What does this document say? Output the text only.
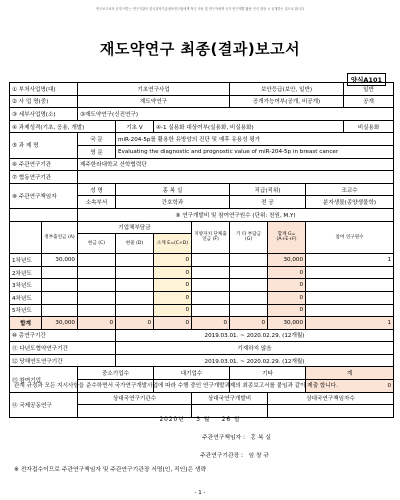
연구보고서의 공개 여부는 연구기관이 한국과학기술정보연구원에게 적극 이용 및 연구자에게 국가 연구개발 활용 인식 대상 시 공개하는 것으로 합니다
재도약연구 최종(결과)보고서
양식A101
① 부처사업명(대)		기초연구사업				보안등급(보안, 일반)			일반
② 사 업 명(중)		재도약연구				공개가능여부(공개, 비공개)			공개
③ 세부사업명(소)		③재도약연구(신진연구)							
④ 과제성격(기초, 응용, 개발)			기초 V	④-1 실용화 대상여부(실용화, 비실용화)					비실용화
⑤ 과 제 명		국 문	miR-204-5p를 활용한 유방암의 진단 및 예후 유용성 평가						
		영 문	Evaluating the diagnostic and prognostic value of miR-204-5p in breast cancer						
⑥ 주관연구기관		제주한라대학교 산학협력단							
⑦ 협동연구기관									
⑧ 주관연구책임자		성 명	홍 복 실			직급(직위)		조교수	
		소속부서	간호학과			전 공		분자생물(종양생물학)	
		⑨ 연구개발비 및 참여연구원수 (단위: 천원, M.Y)							
	정부출연금 (A)	기업체부담금			지방자치 단체출연금 (F)	기 타 부담금 (G)	합계 G=(A+E+F)	참여 연구원수	
		현금 (C)	현물 (D)	소계 E=(C+D)					
1차년도	30,000			0			30,000	1	
2차년도				0			0		
3차년도				0			0		
4차년도				0			0		
5차년도				0			0		
합계	30,000	0	0	0	0	0	30,000	1	
⑩ 총연구기간			2019.03.01. ~ 2020.02.29. (12개월)						
⑪ 다년도협약연구기간			기재하지 않음						
⑫ 당해연도연구기간			2019.03.01. ~ 2020.02.29. (12개월)						
⑬ 참여기업		중소기업수		대기업수		기타		계	
								0	
⑭ 국제공동연구		상대국연구기관수			상대국연구개발비		상대국연구책임자수		

관계 규정과 모든 지시사항을 준수하면서 국가연구개발사업에 따라 수행 중인 연구개발과제의 최종보고서를 붙임과 같이 제출 합니다.
2020년 3 월 26 일
주관연구책임자 : 홍 복 실
주관연구기관장 : 임 창 규
※ 전자접수이므로 주관연구책임자 및 주관연구기관장 서명(인, 직인)은 생략
- 1 -
